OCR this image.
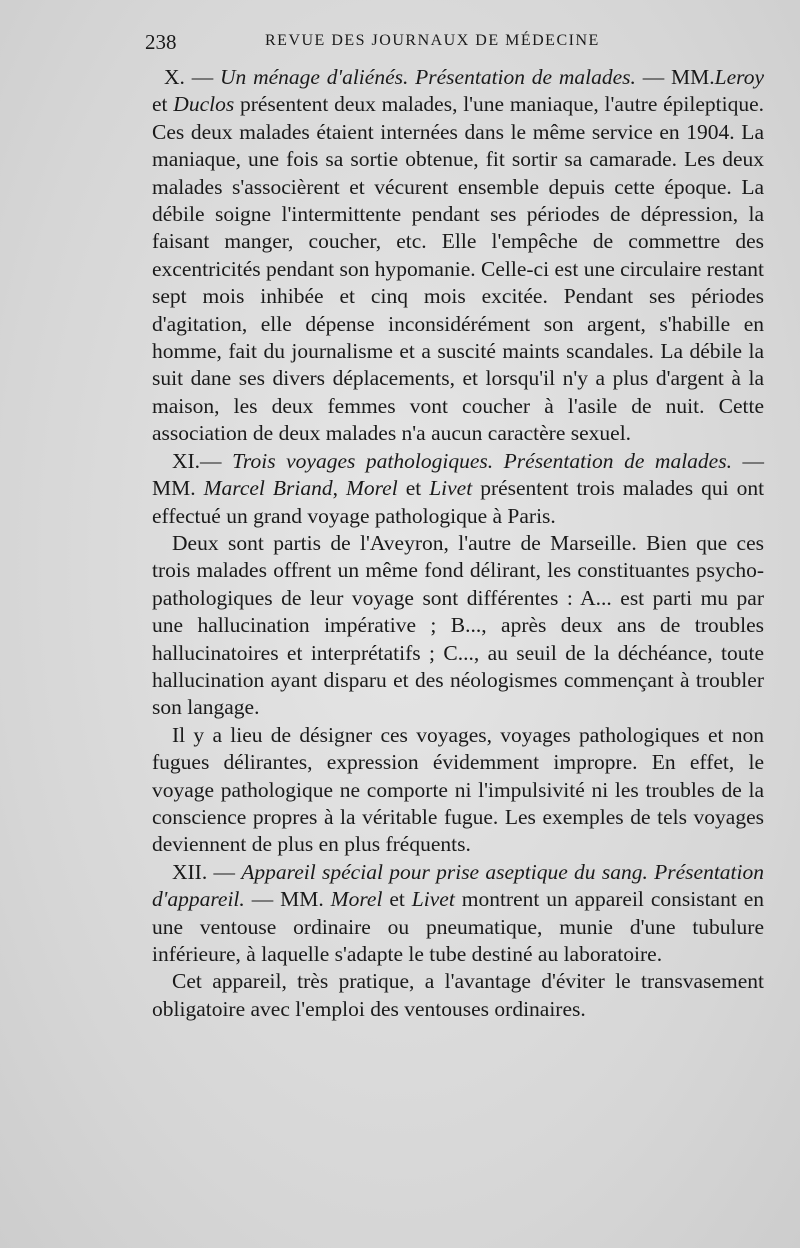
238	REVUE DES JOURNAUX DE MÉDECINE

X. — Un ménage d'aliénés. Présentation de malades. — MM.Leroy et Duclos présentent deux malades, l'une maniaque, l'autre épileptique. Ces deux malades étaient internées dans le même service en 1904. La maniaque, une fois sa sortie obtenue, fit sortir sa camarade. Les deux malades s'associèrent et vécurent ensemble depuis cette époque. La débile soigne l'intermittente pendant ses périodes de dépression, la faisant manger, coucher, etc. Elle l'empêche de commettre des excentricités pendant son hypomanie. Celle-ci est une circulaire restant sept mois inhibée et cinq mois excitée. Pendant ses périodes d'agitation, elle dépense inconsidérément son argent, s'habille en homme, fait du journalisme et a suscité maints scandales. La débile la suit dane ses divers déplacements, et lorsqu'il n'y a plus d'argent à la maison, les deux femmes vont coucher à l'asile de nuit. Cette association de deux malades n'a aucun caractère sexuel.

XI.— Trois voyages pathologiques. Présentation de malades. — MM. Marcel Briand, Morel et Livet présentent trois malades qui ont effectué un grand voyage pathologique à Paris.

Deux sont partis de l'Aveyron, l'autre de Marseille. Bien que ces trois malades offrent un même fond délirant, les constituantes psycho-pathologiques de leur voyage sont différentes : A... est parti mu par une hallucination impérative ; B..., après deux ans de troubles hallucinatoires et interprétatifs ; C..., au seuil de la déchéance, toute hallucination ayant disparu et des néologismes commençant à troubler son langage.

Il y a lieu de désigner ces voyages, voyages pathologiques et non fugues délirantes, expression évidemment impropre. En effet, le voyage pathologique ne comporte ni l'impulsivité ni les troubles de la conscience propres à la véritable fugue. Les exemples de tels voyages deviennent de plus en plus fréquents.

XII. — Appareil spécial pour prise aseptique du sang. Présentation d'appareil. — MM. Morel et Livet montrent un appareil consistant en une ventouse ordinaire ou pneumatique, munie d'une tubulure inférieure, à laquelle s'adapte le tube destiné au laboratoire.

Cet appareil, très pratique, a l'avantage d'éviter le transvasement obligatoire avec l'emploi des ventouses ordinaires.
